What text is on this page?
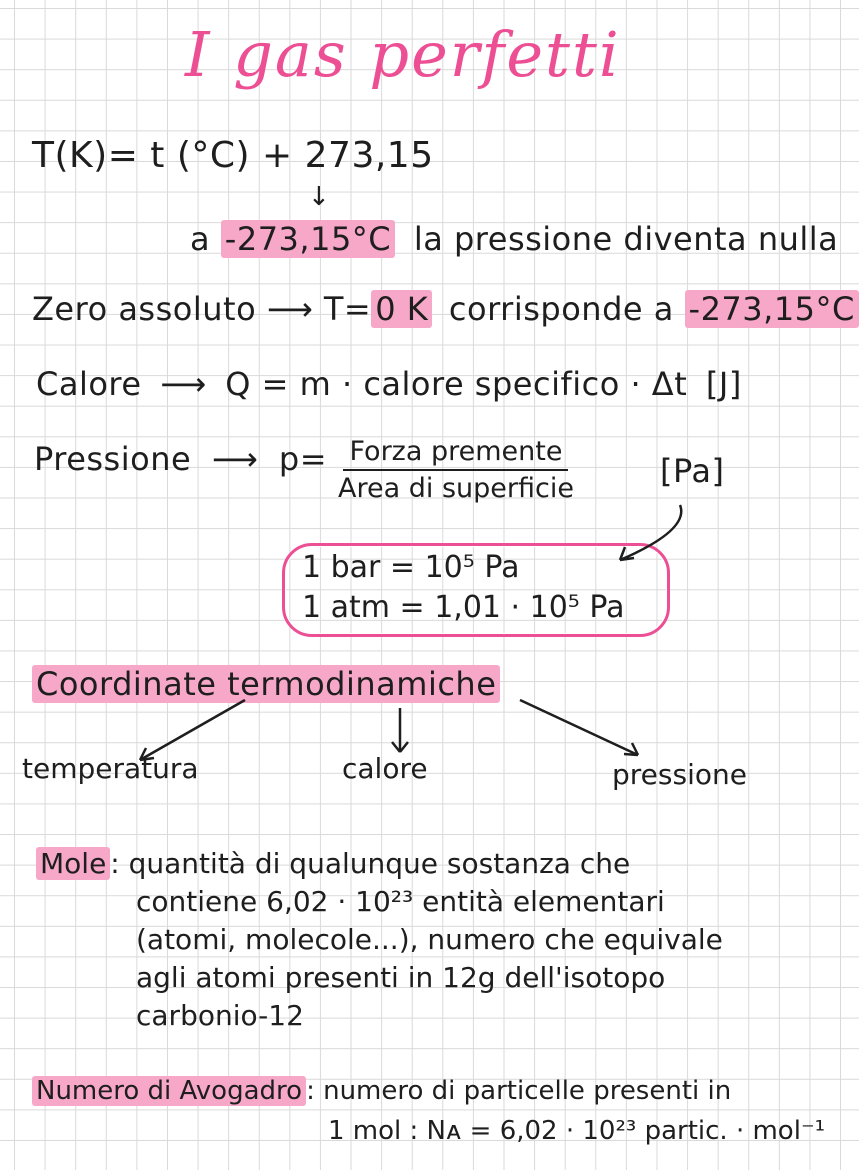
I gas perfetti
T(K)= t (°C) + 273,15
↓
a -273,15°C la pressione diventa nulla
Zero assoluto ⟶ T= 0 K corrisponde a -273,15°C
Calore ⟶ Q = m · calore specifico · Δt [J]
Pressione ⟶ p= Forza premente
Area di superficie	[Pa]
1 bar = 10⁵ Pa
1 atm = 1,01 · 10⁵ Pa
Coordinate termodinamiche
temperatura	calore	pressione
Mole : quantità di qualunque sostanza che
contiene 6,02 · 10²³ entità elementari
(atomi, molecole...), numero che equivale
agli atomi presenti in 12g dell'isotopo
carbonio-12
Numero di Avogadro : numero di particelle presenti in
1 mol : Nᴀ = 6,02 · 10²³ partic. · mol⁻¹
